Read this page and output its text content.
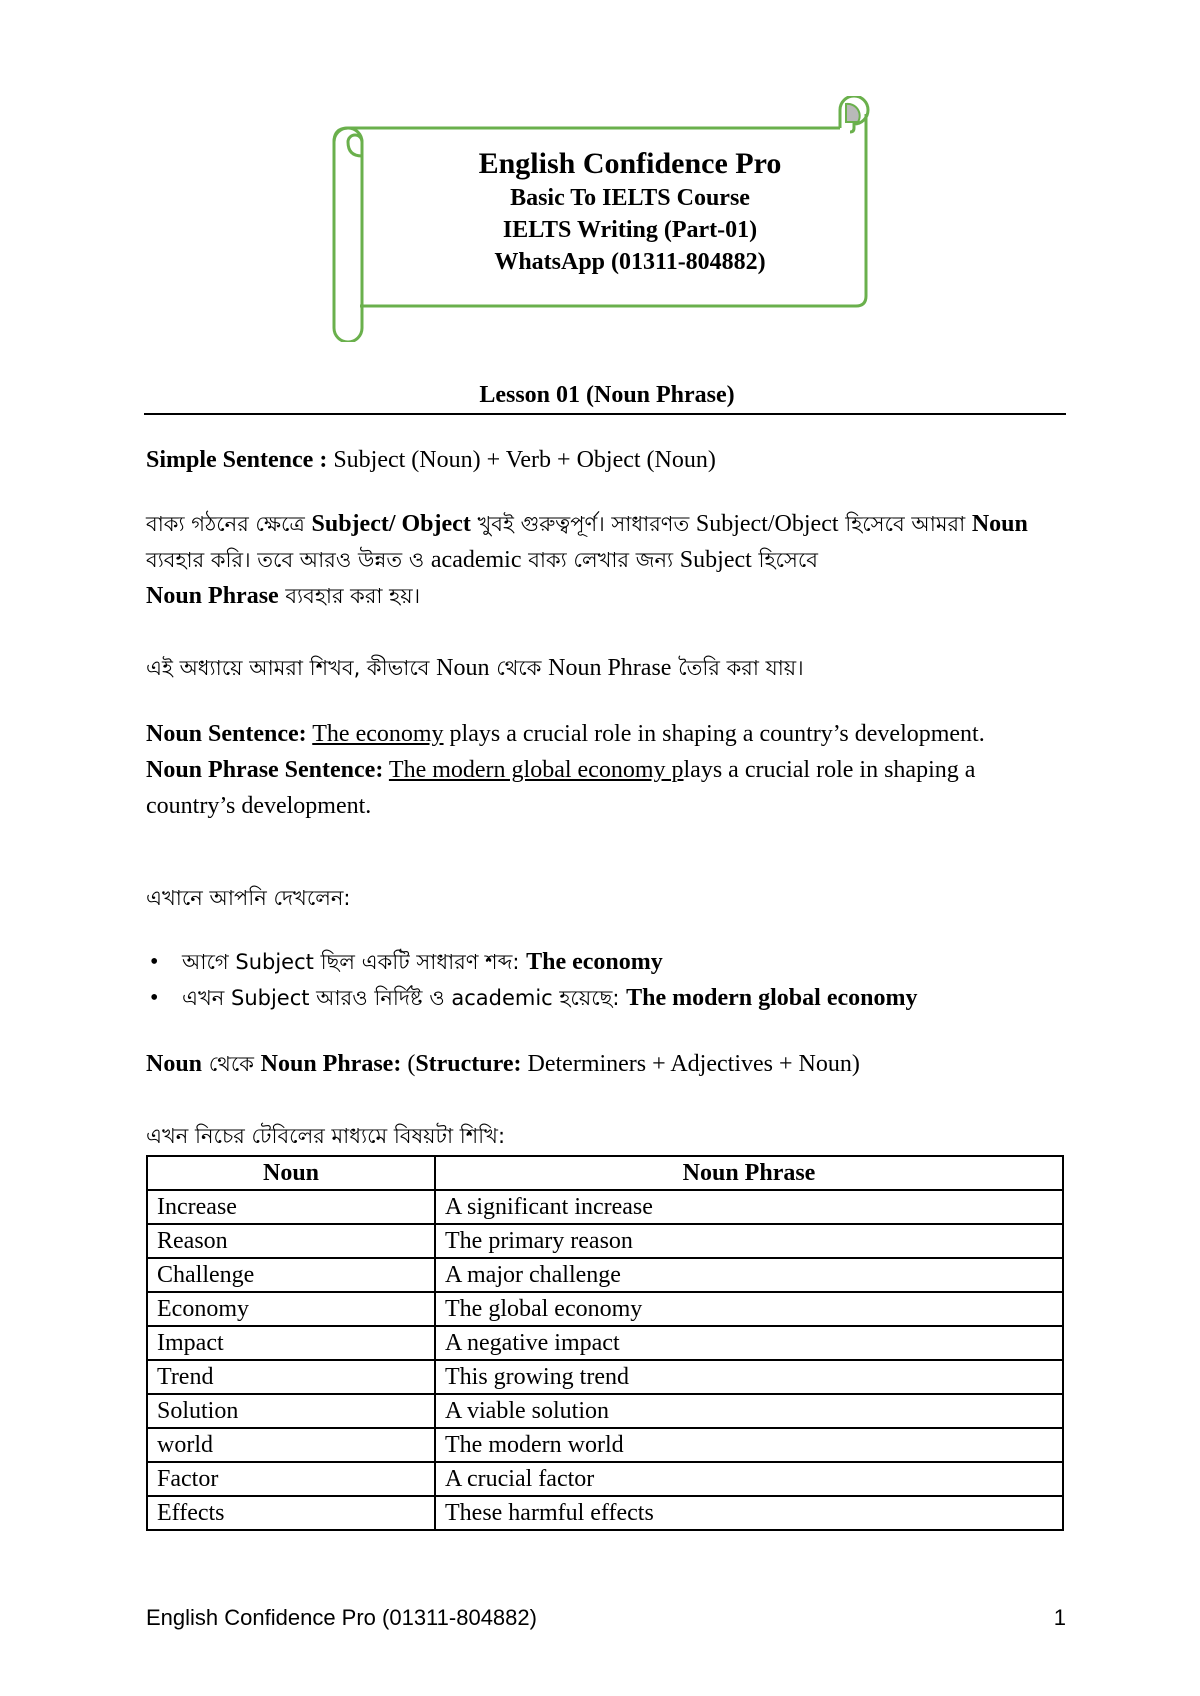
English Confidence Pro
Basic To IELTS Course
IELTS Writing (Part-01)
WhatsApp (01311-804882)
Lesson 01 (Noun Phrase)
Simple Sentence : Subject (Noun) + Verb + Object (Noun)
বাক্য গঠনের ক্ষেত্রে Subject/ Object খুবই গুরুত্বপূর্ণ। সাধারণত Subject/Object হিসেবে আমরা Noun ব্যবহার করি। তবে আরও উন্নত ও academic বাক্য লেখার জন্য Subject হিসেবে
Noun Phrase ব্যবহার করা হয়।
এই অধ্যায়ে আমরা শিখব, কীভাবে Noun থেকে Noun Phrase তৈরি করা যায়।
Noun Sentence: The economy plays a crucial role in shaping a country’s development.
Noun Phrase Sentence: The modern global economy plays a crucial role in shaping a country’s development.
এখানে আপনি দেখলেন:
• আগে Subject ছিল একটি সাধারণ শব্দ: The economy
• এখন Subject আরও নির্দিষ্ট ও academic হয়েছে: The modern global economy
Noun থেকে Noun Phrase: (Structure: Determiners + Adjectives + Noun)
এখন নিচের টেবিলের মাধ্যমে বিষয়টা শিখি:
Noun	Noun Phrase
Increase	A significant increase
Reason	The primary reason
Challenge	A major challenge
Economy	The global economy
Impact	A negative impact
Trend	This growing trend
Solution	A viable solution
world	The modern world
Factor	A crucial factor
Effects	These harmful effects
English Confidence Pro (01311-804882)	1
